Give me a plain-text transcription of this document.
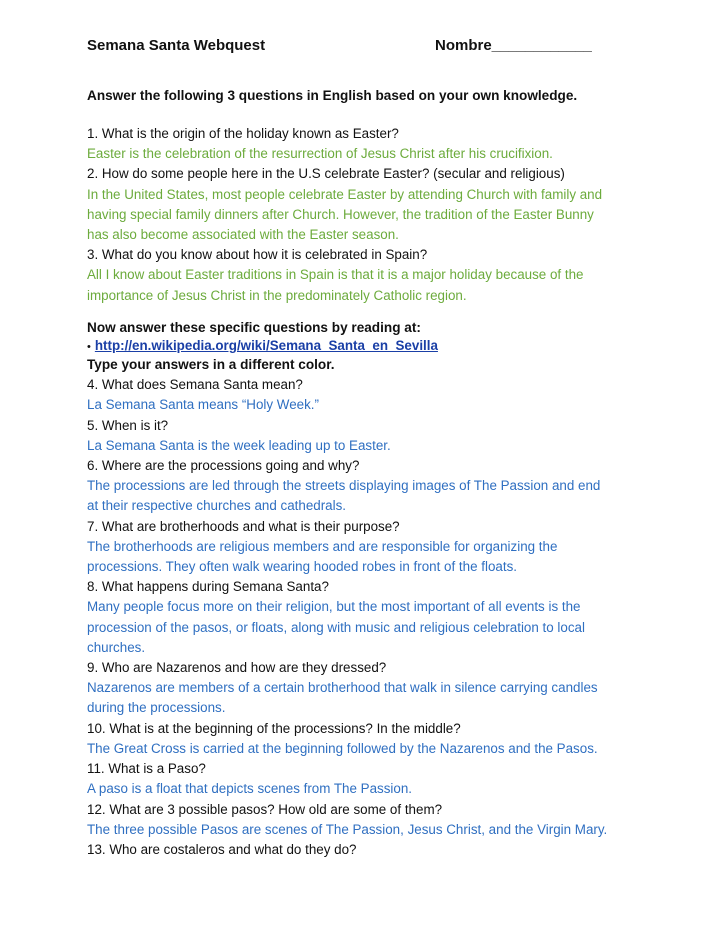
Semana Santa Webquest	Nombre____________
Answer the following 3 questions in English based on your own knowledge.
1. What is the origin of the holiday known as Easter?
Easter is the celebration of the resurrection of Jesus Christ after his crucifixion.
2. How do some people here in the U.S celebrate Easter? (secular and religious)
In the United States, most people celebrate Easter by attending Church with family and
having special family dinners after Church. However, the tradition of the Easter Bunny
has also become associated with the Easter season.
3. What do you know about how it is celebrated in Spain?
All I know about Easter traditions in Spain is that it is a major holiday because of the
importance of Jesus Christ in the predominately Catholic region.
Now answer these specific questions by reading at:
• http://en.wikipedia.org/wiki/Semana_Santa_en_Sevilla
Type your answers in a different color.
4. What does Semana Santa mean?
La Semana Santa means “Holy Week.”
5. When is it?
La Semana Santa is the week leading up to Easter.
6. Where are the processions going and why?
The processions are led through the streets displaying images of The Passion and end
at their respective churches and cathedrals.
7. What are brotherhoods and what is their purpose?
The brotherhoods are religious members and are responsible for organizing the
processions. They often walk wearing hooded robes in front of the floats.
8. What happens during Semana Santa?
Many people focus more on their religion, but the most important of all events is the
procession of the pasos, or floats, along with music and religious celebration to local
churches.
9. Who are Nazarenos and how are they dressed?
Nazarenos are members of a certain brotherhood that walk in silence carrying candles
during the processions.
10. What is at the beginning of the processions? In the middle?
The Great Cross is carried at the beginning followed by the Nazarenos and the Pasos.
11. What is a Paso?
A paso is a float that depicts scenes from The Passion.
12. What are 3 possible pasos? How old are some of them?
The three possible Pasos are scenes of The Passion, Jesus Christ, and the Virgin Mary.
13. Who are costaleros and what do they do?
